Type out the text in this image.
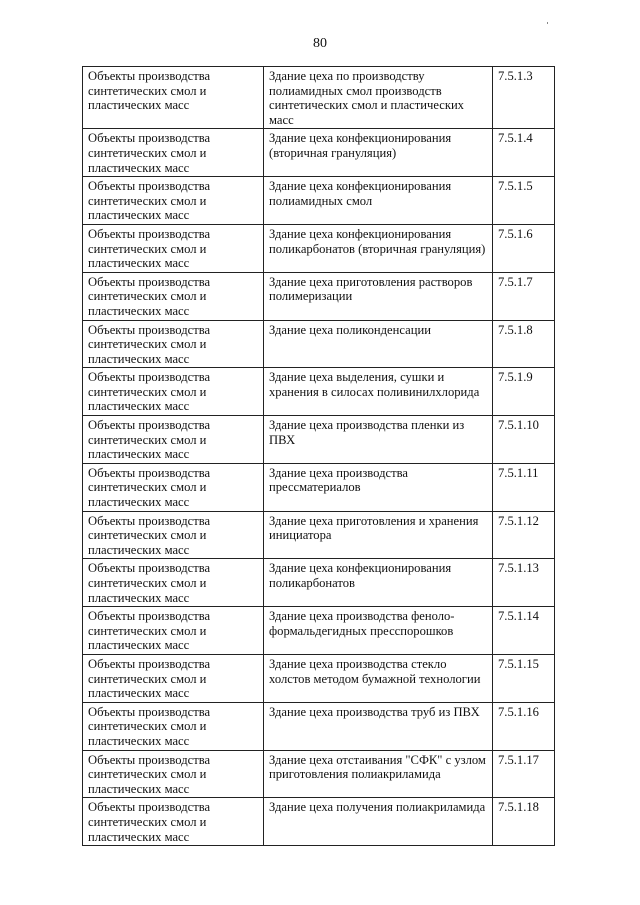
80
Объекты производства синтетических смол и пластических масс	Здание цеха по производству полиамидных смол производств синтетических смол и пластических масс	7.5.1.3
Объекты производства синтетических смол и пластических масс	Здание цеха конфекционирования (вторичная грануляция)	7.5.1.4
Объекты производства синтетических смол и пластических масс	Здание цеха конфекционирования полиамидных смол	7.5.1.5
Объекты производства синтетических смол и пластических масс	Здание цеха конфекционирования поликарбонатов (вторичная грануляция)	7.5.1.6
Объекты производства синтетических смол и пластических масс	Здание цеха приготовления растворов полимеризации	7.5.1.7
Объекты производства синтетических смол и пластических масс	Здание цеха поликонденсации	7.5.1.8
Объекты производства синтетических смол и пластических масс	Здание цеха выделения, сушки и хранения в силосах поливинилхлорида	7.5.1.9
Объекты производства синтетических смол и пластических масс	Здание цеха производства пленки из ПВХ	7.5.1.10
Объекты производства синтетических смол и пластических масс	Здание цеха производства прессматериалов	7.5.1.11
Объекты производства синтетических смол и пластических масс	Здание цеха приготовления и хранения инициатора	7.5.1.12
Объекты производства синтетических смол и пластических масс	Здание цеха конфекционирования поликарбонатов	7.5.1.13
Объекты производства синтетических смол и пластических масс	Здание цеха производства феноло-формальдегидных пресспорошков	7.5.1.14
Объекты производства синтетических смол и пластических масс	Здание цеха производства стекло холстов методом бумажной технологии	7.5.1.15
Объекты производства синтетических смол и пластических масс	Здание цеха производства труб из ПВХ	7.5.1.16
Объекты производства синтетических смол и пластических масс	Здание цеха отстаивания "СФК" с узлом приготовления полиакриламида	7.5.1.17
Объекты производства синтетических смол и пластических масс	Здание цеха получения полиакриламида	7.5.1.18
